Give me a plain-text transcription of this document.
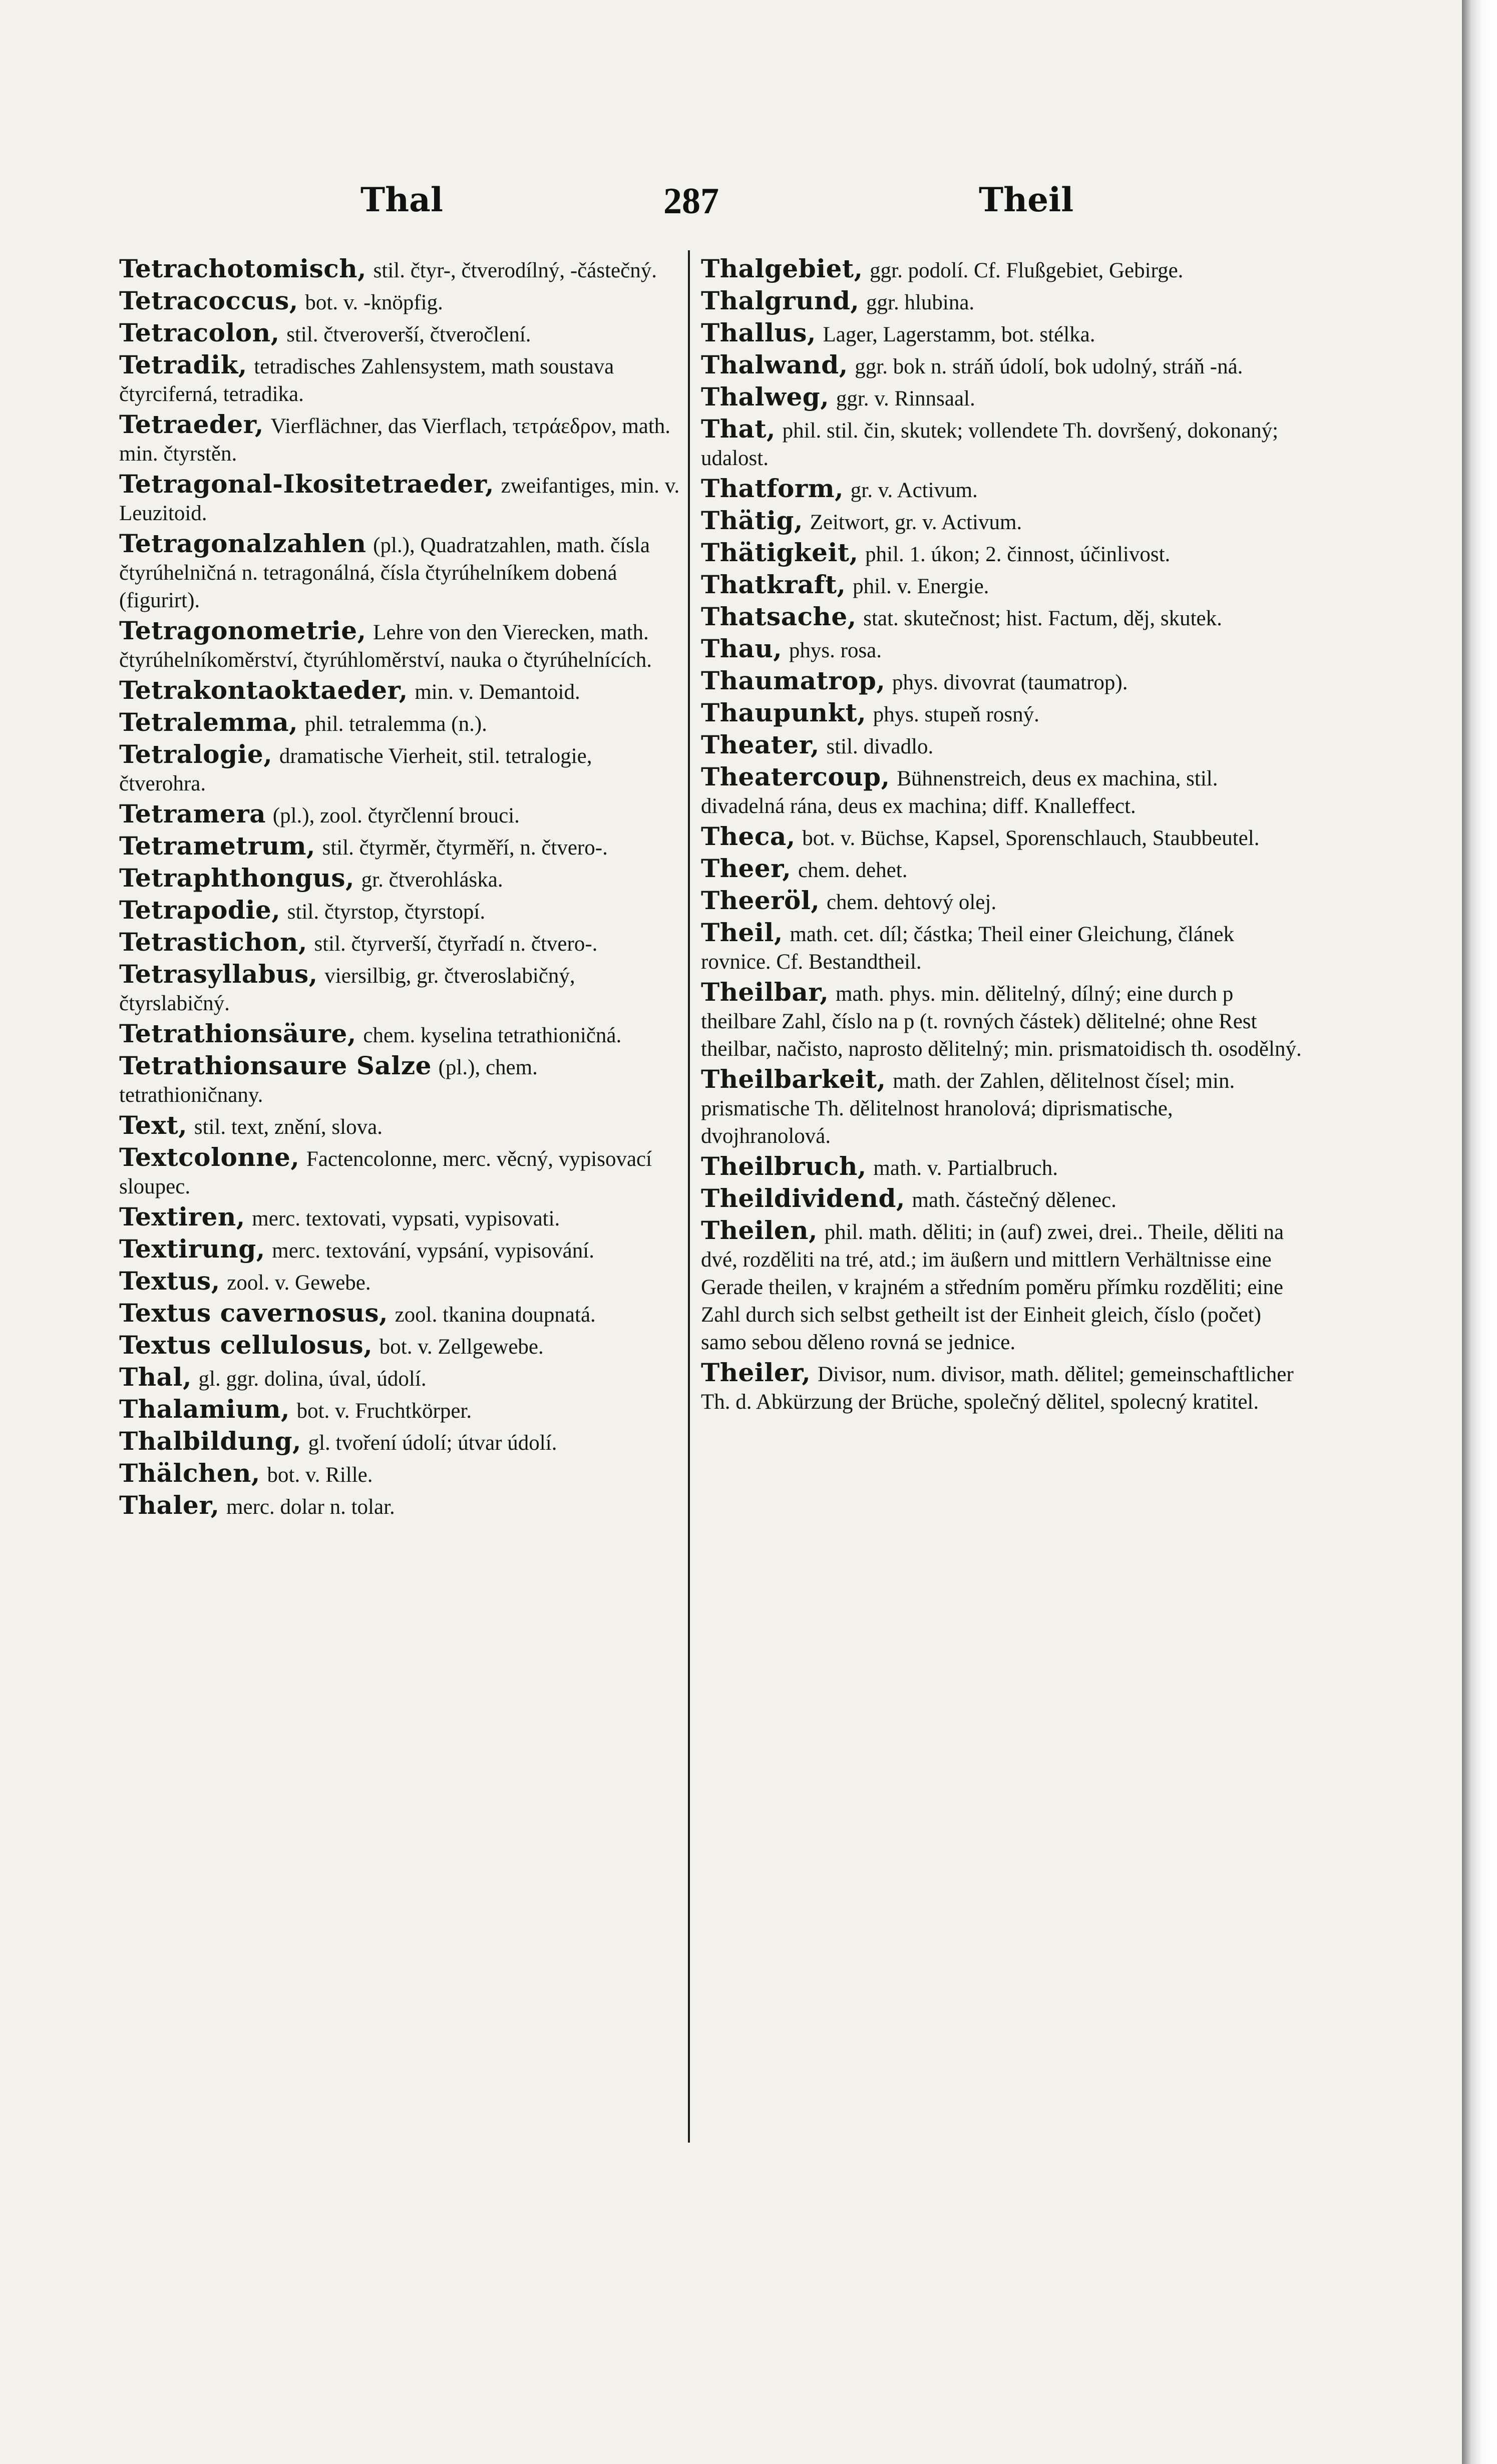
Thal	287	Theil

Tetrachotomisch, stil. čtyr-, čtverodílný, -částečný.

Tetracoccus, bot. v. -knöpfig.

Tetracolon, stil. čtveroverší, čtveročlení.

Tetradik, tetradisches Zahlensystem, math soustava čtyrciferná, tetradika.

Tetraeder, Vierflächner, das Vierflach, τετράεδρον, math. min. čtyrstěn.

Tetragonal-Ikositetraeder, zweifantiges, min. v. Leuzitoid.

Tetragonalzahlen (pl.), Quadratzahlen, math. čísla čtyrúhelničná n. tetragonálná, čísla čtyrúhelníkem dobená (figurirt).

Tetragonometrie, Lehre von den Vierecken, math. čtyrúhelníkoměrství, čtyrúhloměrství, nauka o čtyrúhelnících.

Tetrakontaoktaeder, min. v. Demantoid.

Tetralemma, phil. tetralemma (n.).

Tetralogie, dramatische Vierheit, stil. tetralogie, čtverohra.

Tetramera (pl.), zool. čtyrčlenní brouci.

Tetrametrum, stil. čtyrměr, čtyrměří, n. čtvero-.

Tetraphthongus, gr. čtverohláska.

Tetrapodie, stil. čtyrstop, čtyrstopí.

Tetrastichon, stil. čtyrverší, čtyrřadí n. čtvero-.

Tetrasyllabus, viersilbig, gr. čtveroslabičný, čtyrslabičný.

Tetrathionsäure, chem. kyselina tetrathioničná.

Tetrathionsaure Salze (pl.), chem. tetrathioničnany.

Text, stil. text, znění, slova.

Textcolonne, Factencolonne, merc. věcný, vypisovací sloupec.

Textiren, merc. textovati, vypsati, vypisovati.

Textirung, merc. textování, vypsání, vypisování.

Textus, zool. v. Gewebe.

Textus cavernosus, zool. tkanina doupnatá.

Textus cellulosus, bot. v. Zellgewebe.

Thal, gl. ggr. dolina, úval, údolí.

Thalamium, bot. v. Fruchtkörper.

Thalbildung, gl. tvoření údolí; útvar údolí.

Thälchen, bot. v. Rille.

Thaler, merc. dolar n. tolar.

Thalgebiet, ggr. podolí. Cf. Flußgebiet, Gebirge.

Thalgrund, ggr. hlubina.

Thallus, Lager, Lagerstamm, bot. stélka.

Thalwand, ggr. bok n. stráň údolí, bok udolný, stráň -ná.

Thalweg, ggr. v. Rinnsaal.

That, phil. stil. čin, skutek; vollendete Th. dovršený, dokonaný; udalost.

Thatform, gr. v. Activum.

Thätig, Zeitwort, gr. v. Activum.

Thätigkeit, phil. 1. úkon; 2. činnost, účinlivost.

Thatkraft, phil. v. Energie.

Thatsache, stat. skutečnost; hist. Factum, děj, skutek.

Thau, phys. rosa.

Thaumatrop, phys. divovrat (taumatrop).

Thaupunkt, phys. stupeň rosný.

Theater, stil. divadlo.

Theatercoup, Bühnenstreich, deus ex machina, stil. divadelná rána, deus ex machina; diff. Knalleffect.

Theca, bot. v. Büchse, Kapsel, Sporenschlauch, Staubbeutel.

Theer, chem. dehet.

Theeröl, chem. dehtový olej.

Theil, math. cet. díl; částka; Theil einer Gleichung, článek rovnice. Cf. Bestandtheil.

Theilbar, math. phys. min. dělitelný, dílný; eine durch p theilbare Zahl, číslo na p (t. rovných částek) dělitelné; ohne Rest theilbar, načisto, naprosto dělitelný; min. prismatoidisch th. osodělný.

Theilbarkeit, math. der Zahlen, dělitelnost čísel; min. prismatische Th. dělitelnost hranolová; diprismatische, dvojhranolová.

Theilbruch, math. v. Partialbruch.

Theildividend, math. částečný dělenec.

Theilen, phil. math. děliti; in (auf) zwei, drei.. Theile, děliti na dvé, rozděliti na tré, atd.; im äußern und mittlern Verhältnisse eine Gerade theilen, v krajném a středním poměru přímku rozděliti; eine Zahl durch sich selbst getheilt ist der Einheit gleich, číslo (počet) samo sebou děleno rovná se jednice.

Theiler, Divisor, num. divisor, math. dělitel; gemeinschaftlicher Th. d. Abkürzung der Brüche, společný dělitel, spolecný kratitel.
